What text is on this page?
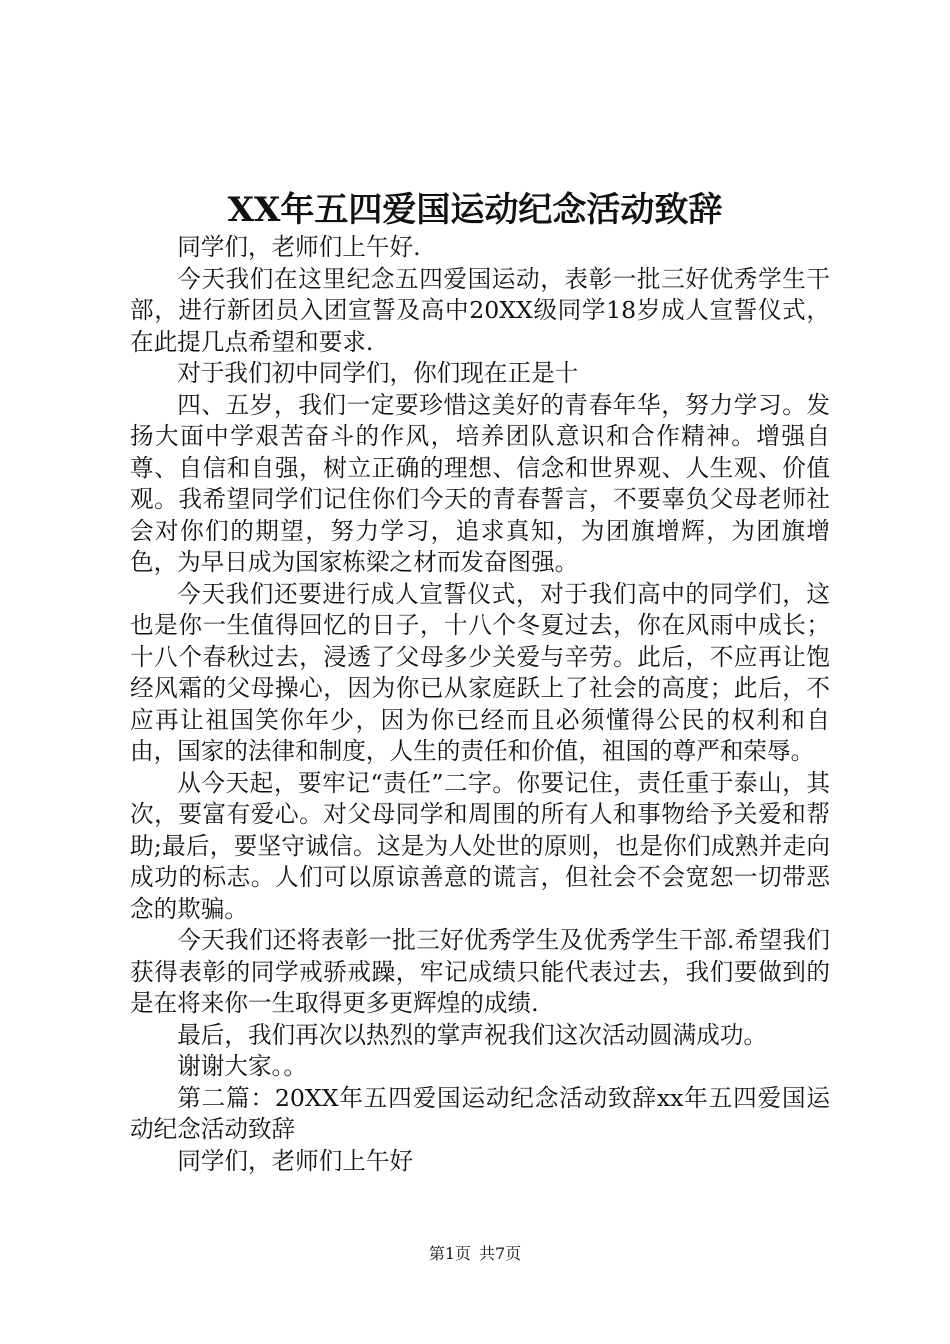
XX年五四爱国运动纪念活动致辞

同学们，老师们上午好.

今天我们在这里纪念五四爱国运动，表彰一批三好优秀学生干部，进行新团员入团宣誓及高中20XX级同学18岁成人宣誓仪式，在此提几点希望和要求.

对于我们初中同学们，你们现在正是十

四、五岁，我们一定要珍惜这美好的青春年华，努力学习。发扬大面中学艰苦奋斗的作风，培养团队意识和合作精神。增强自尊、自信和自强，树立正确的理想、信念和世界观、人生观、价值观。我希望同学们记住你们今天的青春誓言，不要辜负父母老师社会对你们的期望，努力学习，追求真知，为团旗增辉，为团旗增色，为早日成为国家栋梁之材而发奋图强。

今天我们还要进行成人宣誓仪式，对于我们高中的同学们，这也是你一生值得回忆的日子，十八个冬夏过去，你在风雨中成长；十八个春秋过去，浸透了父母多少关爱与辛劳。此后，不应再让饱经风霜的父母操心，因为你已从家庭跃上了社会的高度；此后，不应再让祖国笑你年少，因为你已经而且必须懂得公民的权利和自由，国家的法律和制度，人生的责任和价值，祖国的尊严和荣辱。

从今天起，要牢记“责任”二字。你要记住，责任重于泰山，其次，要富有爱心。对父母同学和周围的所有人和事物给予关爱和帮助;最后，要坚守诚信。这是为人处世的原则，也是你们成熟并走向成功的标志。人们可以原谅善意的谎言，但社会不会宽恕一切带恶念的欺骗。

今天我们还将表彰一批三好优秀学生及优秀学生干部.希望我们获得表彰的同学戒骄戒躁，牢记成绩只能代表过去，我们要做到的是在将来你一生取得更多更辉煌的成绩.

最后，我们再次以热烈的掌声祝我们这次活动圆满成功。

谢谢大家。。

第二篇：20XX年五四爱国运动纪念活动致辞xx年五四爱国运动纪念活动致辞

同学们，老师们上午好

第1页 共7页
